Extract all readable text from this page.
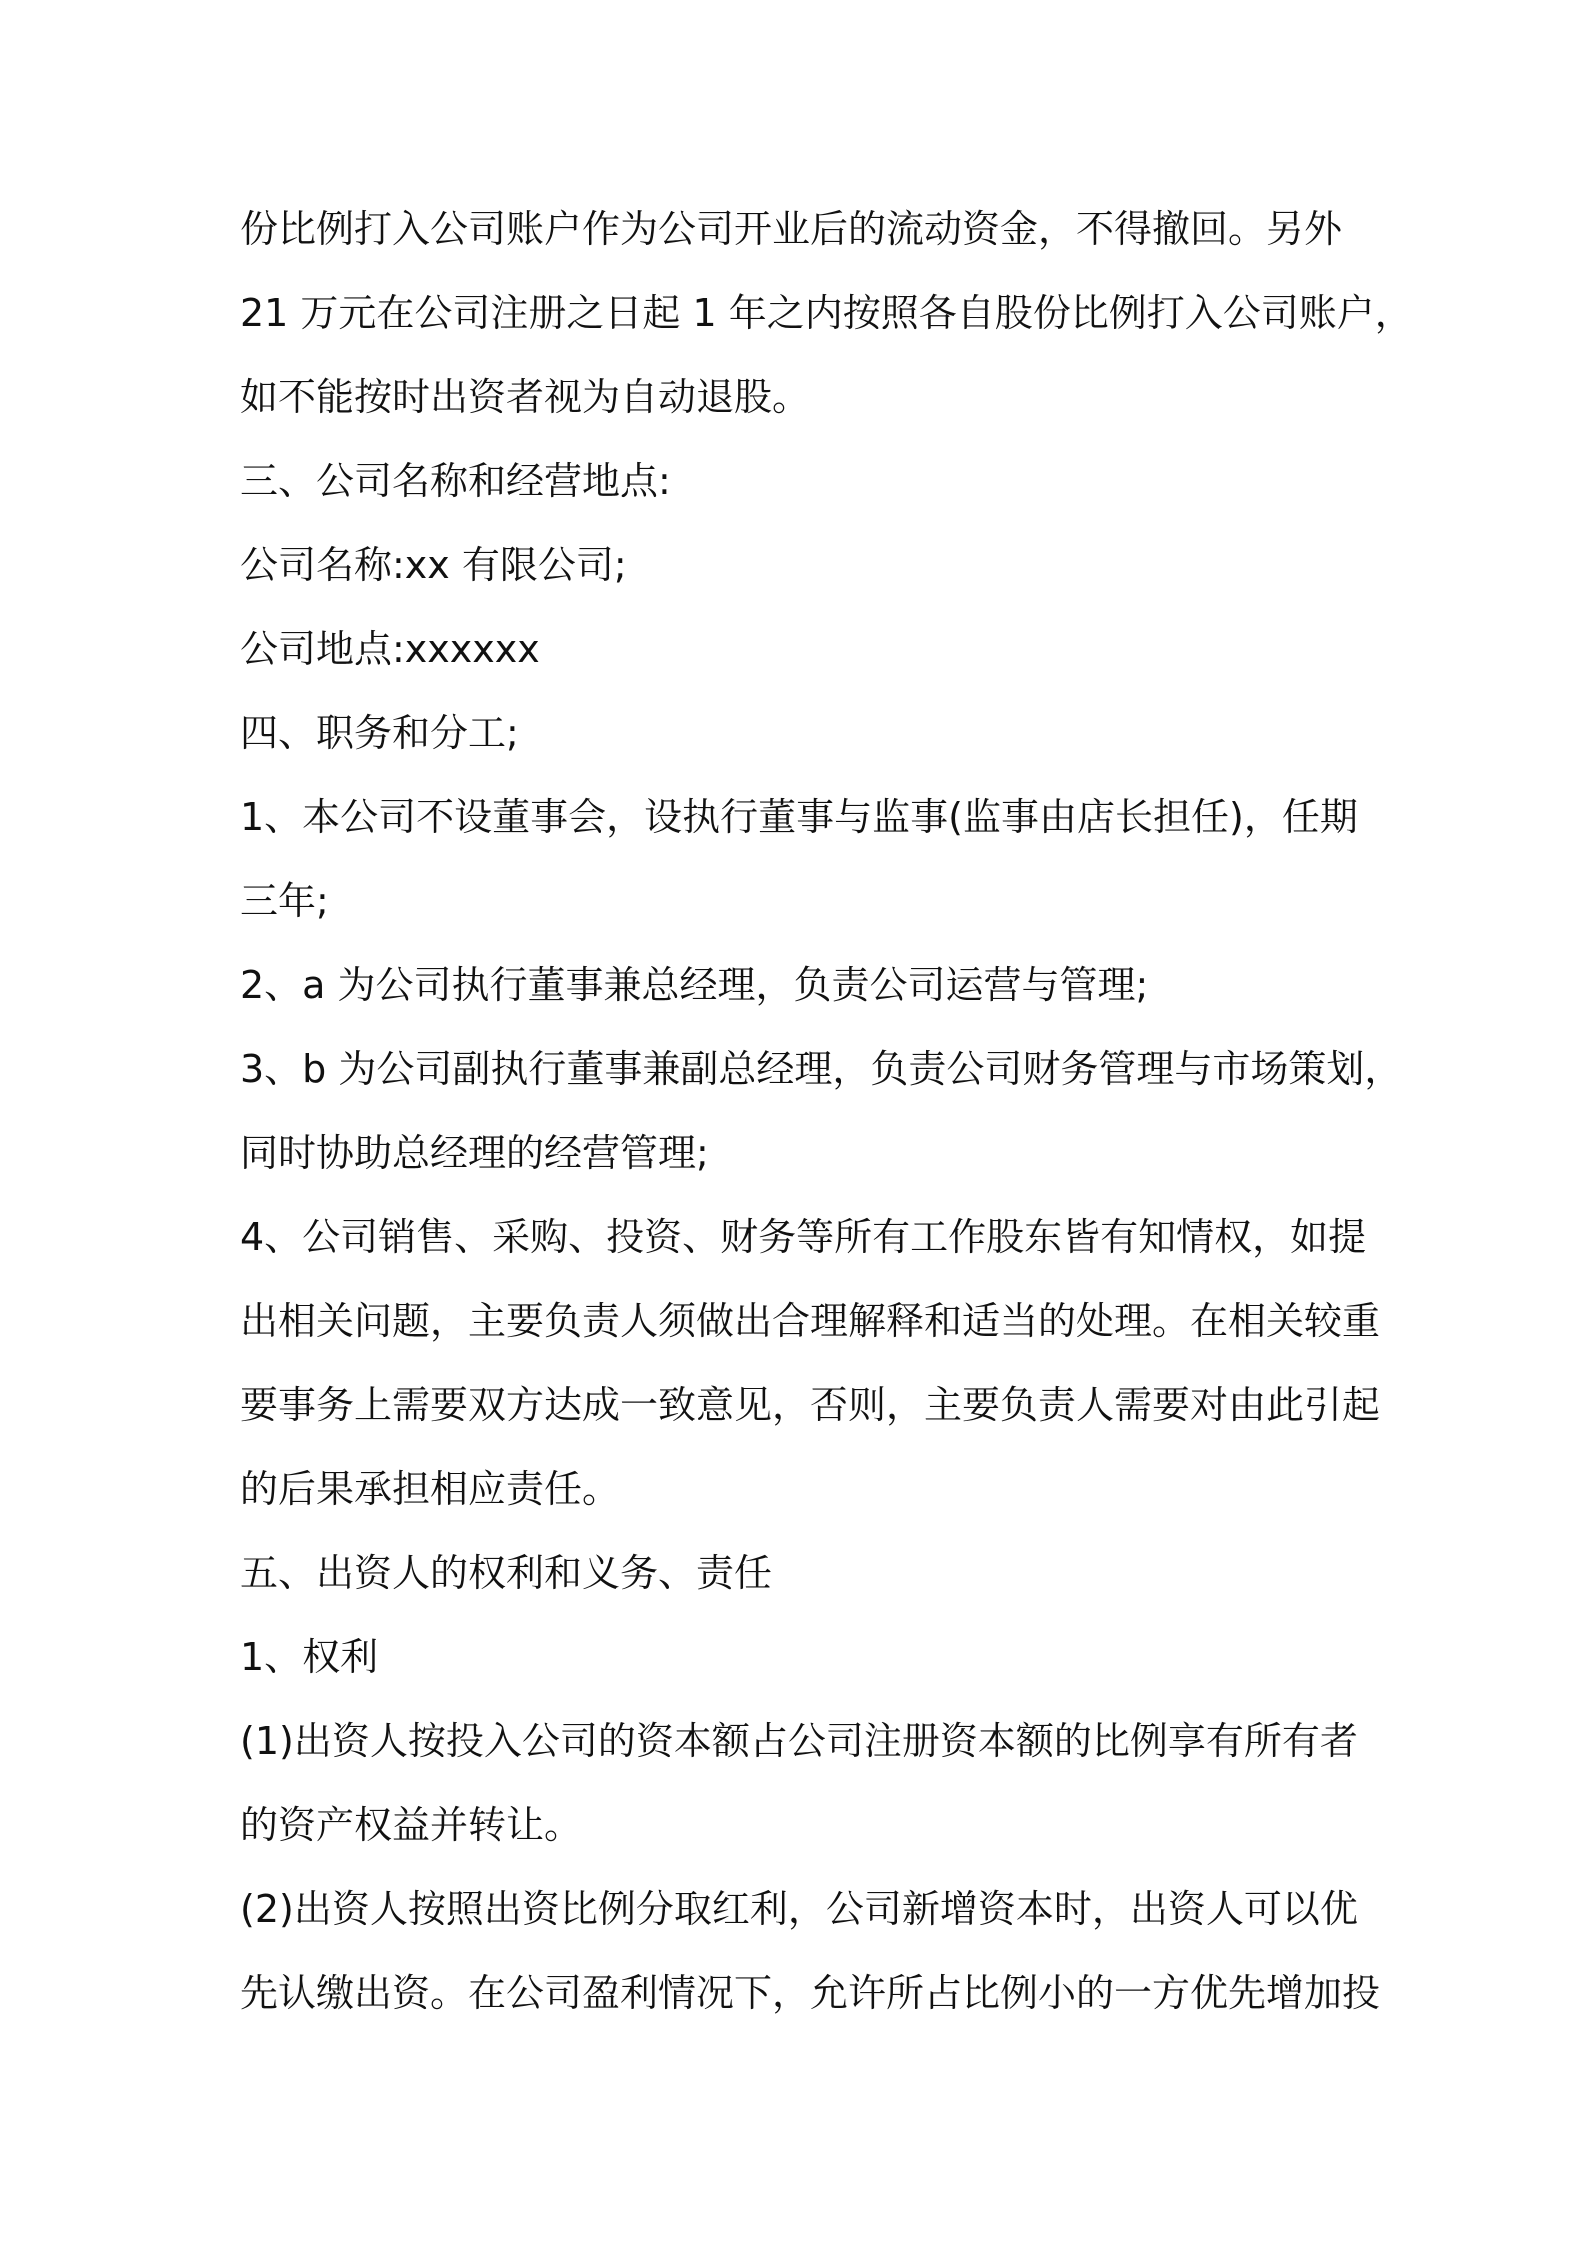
份比例打入公司账户作为公司开业后的流动资金，不得撤回。另外
21 万元在公司注册之日起 1 年之内按照各自股份比例打入公司账户，
如不能按时出资者视为自动退股。
三、公司名称和经营地点:
公司名称:xx 有限公司;
公司地点:xxxxxx
四、职务和分工;
1、本公司不设董事会，设执行董事与监事(监事由店长担任)，任期
三年;
2、a 为公司执行董事兼总经理，负责公司运营与管理;
3、b 为公司副执行董事兼副总经理，负责公司财务管理与市场策划，
同时协助总经理的经营管理;
4、公司销售、采购、投资、财务等所有工作股东皆有知情权，如提
出相关问题，主要负责人须做出合理解释和适当的处理。在相关较重
要事务上需要双方达成一致意见，否则，主要负责人需要对由此引起
的后果承担相应责任。
五、出资人的权利和义务、责任
1、权利
(1)出资人按投入公司的资本额占公司注册资本额的比例享有所有者
的资产权益并转让。
(2)出资人按照出资比例分取红利，公司新增资本时，出资人可以优
先认缴出资。在公司盈利情况下，允许所占比例小的一方优先增加投
